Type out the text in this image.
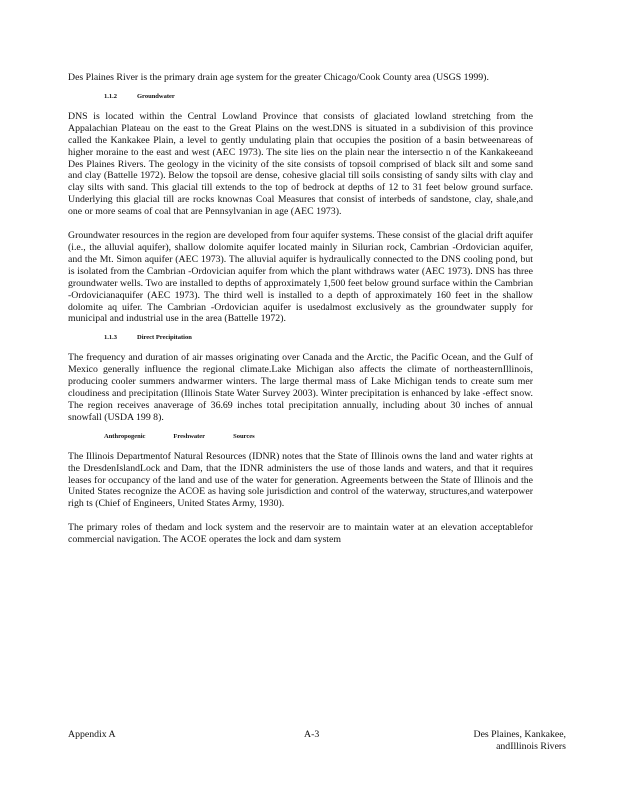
Des Plaines River is the primary drain age system for the greater Chicago/Cook County area (USGS 1999).

1.1.2	Groundwater

DNS is located within the Central Lowland Province that consists of glaciated lowland stretching from the Appalachian Plateau on the east to the Great Plains on the west.DNS is situated in a subdivision of this province called the Kankakee Plain, a level to gently undulating plain that occupies the position of a basin betweenareas of higher moraine to the east and west (AEC 1973). The site lies on the plain near the intersectio n of the Kankakeeand Des Plaines Rivers. The geology in the vicinity of the site consists of topsoil comprised of black silt and some sand and clay (Battelle 1972). Below the topsoil are dense, cohesive glacial till soils consisting of sandy silts with clay and clay silts with sand. This glacial till extends to the top of bedrock at depths of 12 to 31 feet below ground surface. Underlying this glacial till are rocks knownas Coal Measures that consist of interbeds of sandstone, clay, shale,and one or more seams of coal that are Pennsylvanian in age (AEC 1973).

Groundwater resources in the region are developed from four aquifer systems. These consist of the glacial drift aquifer (i.e., the alluvial aquifer), shallow dolomite aquifer located mainly in Silurian rock, Cambrian -Ordovician aquifer, and the Mt. Simon aquifer (AEC 1973). The alluvial aquifer is hydraulically connected to the DNS cooling pond, but is isolated from the Cambrian -Ordovician aquifer from which the plant withdraws water (AEC 1973). DNS has three groundwater wells. Two are installed to depths of approximately 1,500 feet below ground surface within the Cambrian -Ordovicianaquifer (AEC 1973). The third well is installed to a depth of approximately 160 feet in the shallow dolomite aq uifer. The Cambrian -Ordovician aquifer is usedalmost exclusively as the groundwater supply for municipal and industrial use in the area (Battelle 1972).

1.1.3	Direct Precipitation

The frequency and duration of air masses originating over Canada and the Arctic, the Pacific Ocean, and the Gulf of Mexico generally influence the regional climate.Lake Michigan also affects the climate of northeasternIllinois, producing cooler summers andwarmer winters. The large thermal mass of Lake Michigan tends to create sum mer cloudiness and precipitation (Illinois State Water Survey 2003). Winter precipitation is enhanced by lake -effect snow. The region receives anaverage of 36.69 inches total precipitation annually, including about 30 inches of annual snowfall (USDA 199 8).

Anthropogenic	Freshwater	Sources

The Illinois Departmentof Natural Resources (IDNR) notes that the State of Illinois owns the land and water rights at the DresdenIslandLock and Dam, that the IDNR administers the use of those lands and waters, and that it requires leases for occupancy of the land and use of the water for generation. Agreements between the State of Illinois and the United States recognize the ACOE as having sole jurisdiction and control of the waterway, structures,and waterpower righ ts (Chief of Engineers, United States Army, 1930).

The primary roles of thedam and lock system and the reservoir are to maintain water at an elevation acceptablefor commercial navigation. The ACOE operates the lock and dam system

Appendix A	A-3	Des Plaines, Kankakee,
andIllinois Rivers
